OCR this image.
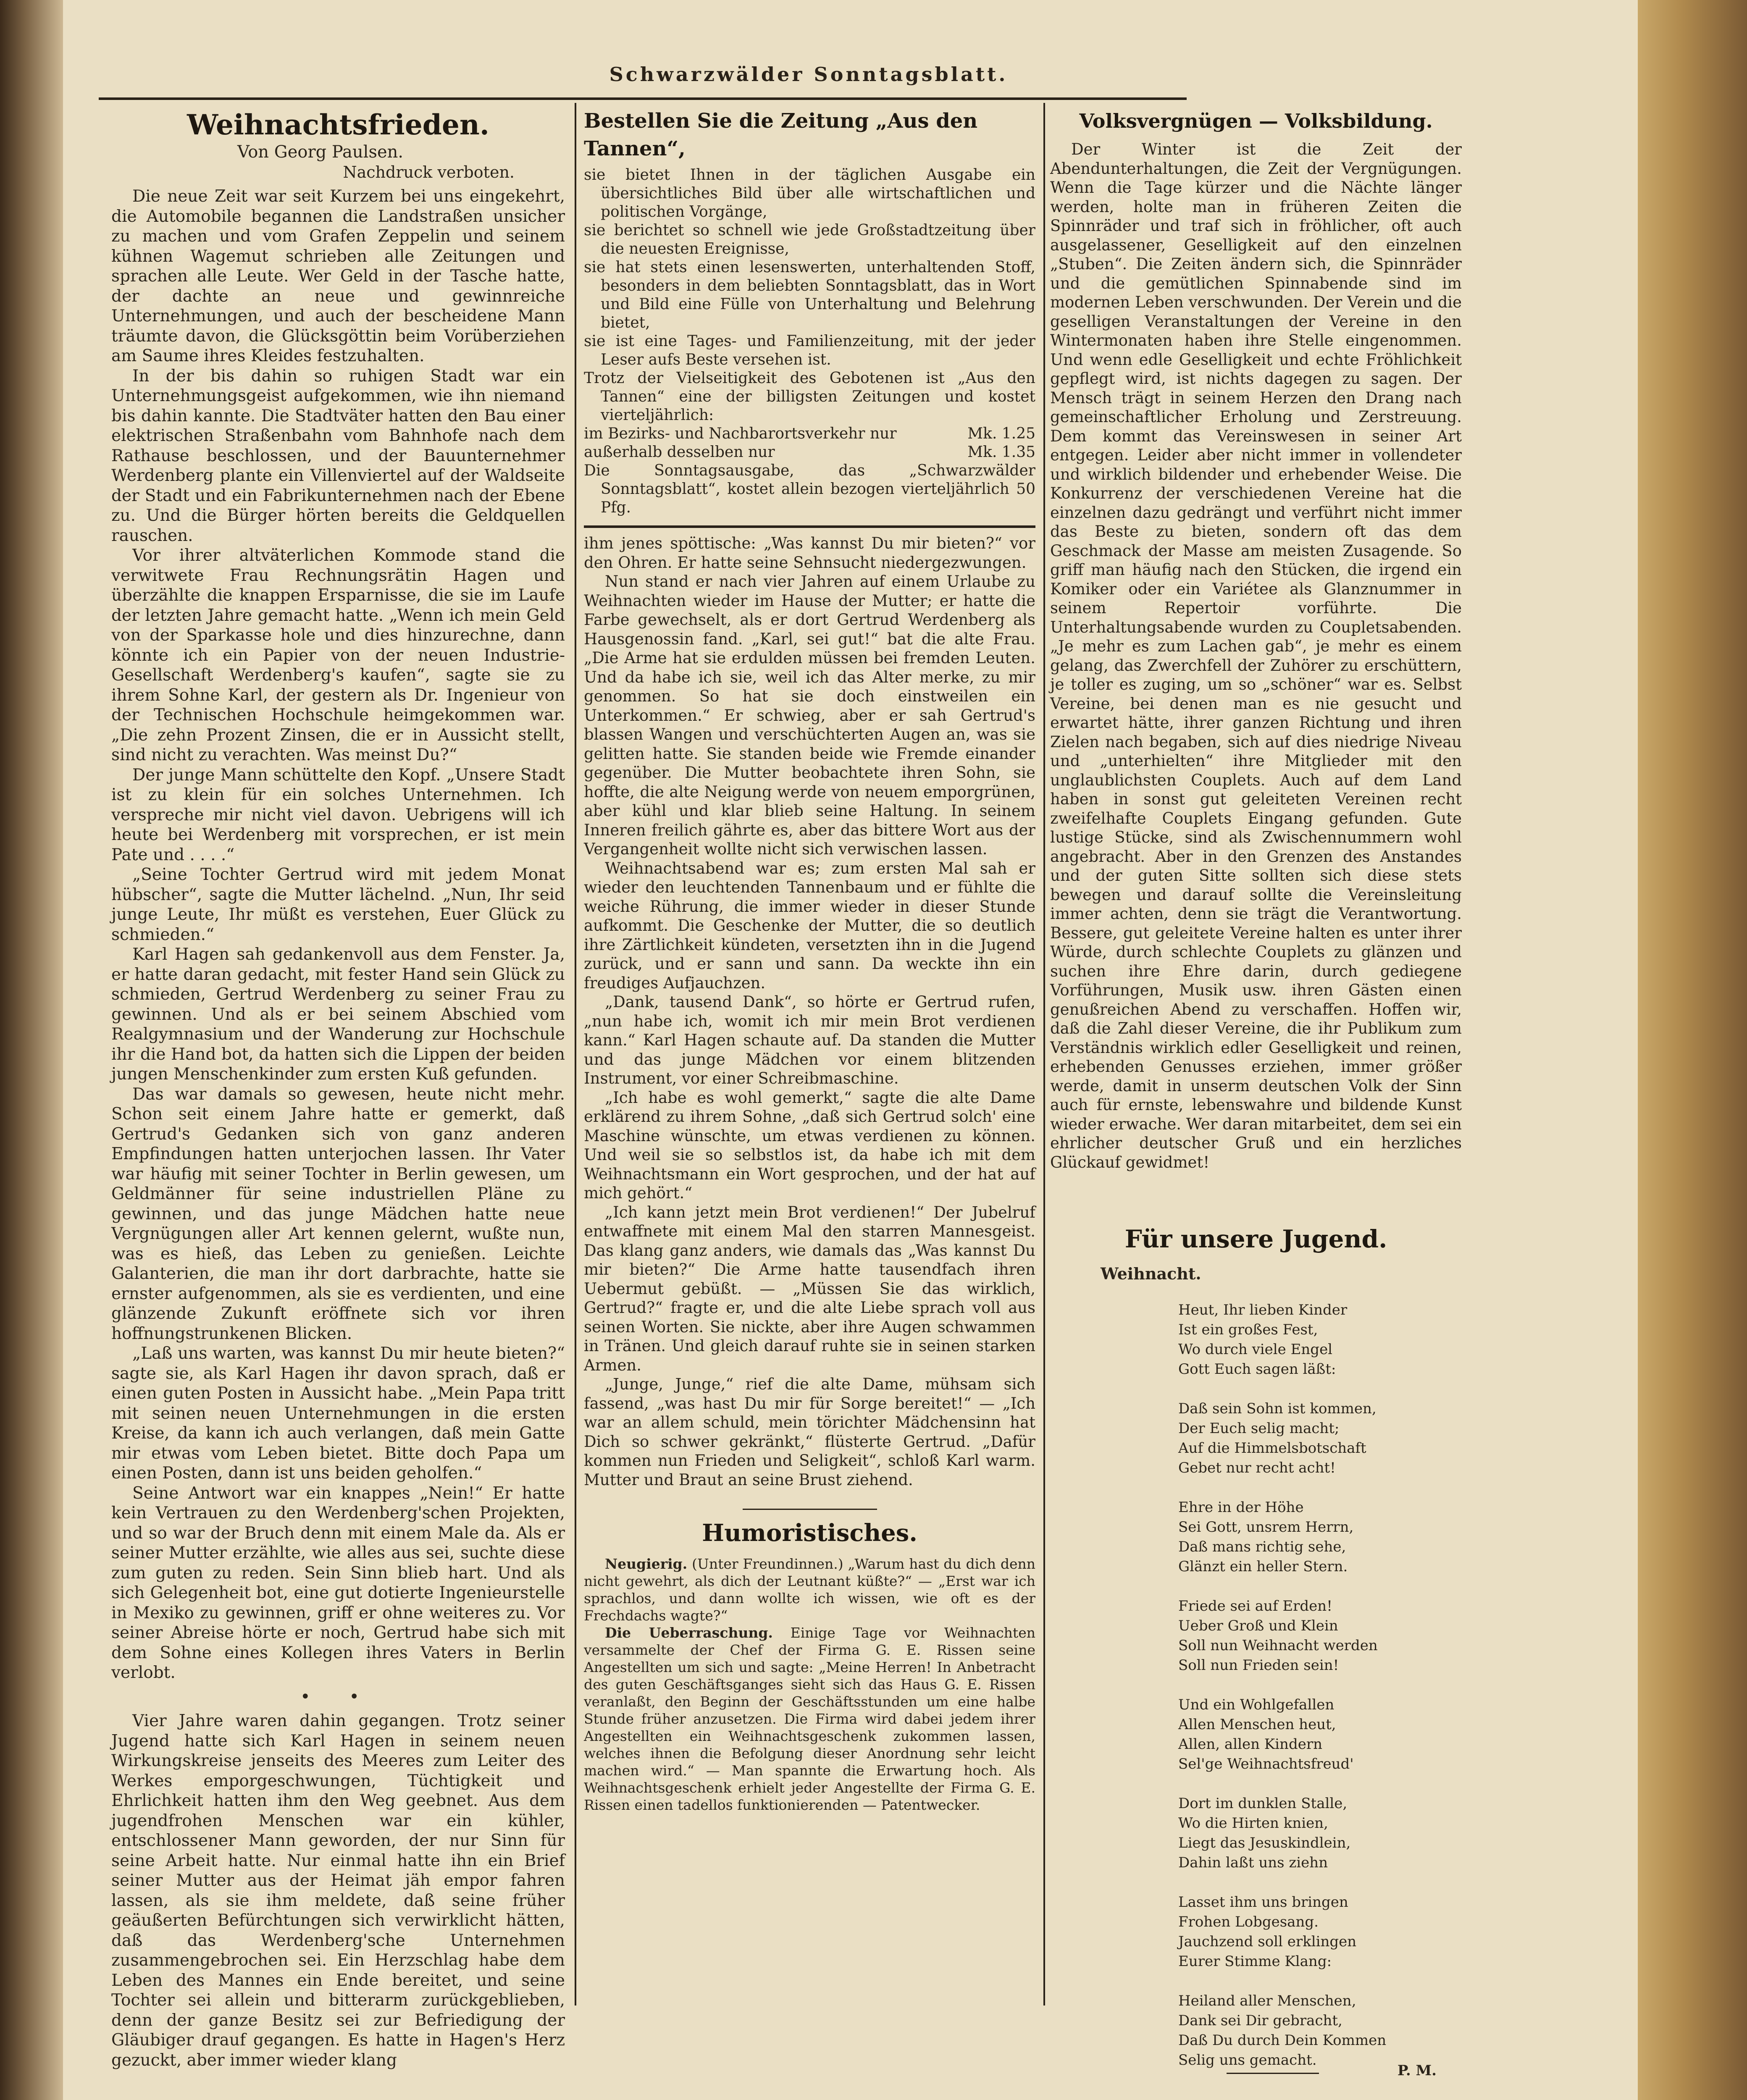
Schwarzwälder Sonntagsblatt.
Weihnachtsfrieden.
Von Georg Paulsen.
Nachdruck verboten.

Die neue Zeit war seit Kurzem bei uns eingekehrt, die Automobile begannen die Landstraßen unsicher zu machen und vom Grafen Zeppelin und seinem kühnen Wagemut schrieben alle Zeitungen und sprachen alle Leute. Wer Geld in der Tasche hatte, der dachte an neue und gewinnreiche Unternehmungen, und auch der bescheidene Mann träumte davon, die Glücksgöttin beim Vorüberziehen am Saume ihres Kleides festzuhalten.

In der bis dahin so ruhigen Stadt war ein Unternehmungsgeist aufgekommen, wie ihn niemand bis dahin kannte. Die Stadtväter hatten den Bau einer elektrischen Straßenbahn vom Bahnhofe nach dem Rathause beschlossen, und der Bauunternehmer Werdenberg plante ein Villenviertel auf der Waldseite der Stadt und ein Fabrikunternehmen nach der Ebene zu. Und die Bürger hörten bereits die Geldquellen rauschen.

Vor ihrer altväterlichen Kommode stand die verwitwete Frau Rechnungsrätin Hagen und überzählte die knappen Ersparnisse, die sie im Laufe der letzten Jahre gemacht hatte. „Wenn ich mein Geld von der Sparkasse hole und dies hinzurechne, dann könnte ich ein Papier von der neuen Industrie-Gesellschaft Werdenberg's kaufen“, sagte sie zu ihrem Sohne Karl, der gestern als Dr. Ingenieur von der Technischen Hochschule heimgekommen war. „Die zehn Prozent Zinsen, die er in Aussicht stellt, sind nicht zu verachten. Was meinst Du?“

Der junge Mann schüttelte den Kopf. „Unsere Stadt ist zu klein für ein solches Unternehmen. Ich verspreche mir nicht viel davon. Uebrigens will ich heute bei Werdenberg mit vorsprechen, er ist mein Pate und . . . .“

„Seine Tochter Gertrud wird mit jedem Monat hübscher“, sagte die Mutter lächelnd. „Nun, Ihr seid junge Leute, Ihr müßt es verstehen, Euer Glück zu schmieden.“

Karl Hagen sah gedankenvoll aus dem Fenster. Ja, er hatte daran gedacht, mit fester Hand sein Glück zu schmieden, Gertrud Werdenberg zu seiner Frau zu gewinnen. Und als er bei seinem Abschied vom Realgymnasium und der Wanderung zur Hochschule ihr die Hand bot, da hatten sich die Lippen der beiden jungen Menschenkinder zum ersten Kuß gefunden.

Das war damals so gewesen, heute nicht mehr. Schon seit einem Jahre hatte er gemerkt, daß Gertrud's Gedanken sich von ganz anderen Empfindungen hatten unterjochen lassen. Ihr Vater war häufig mit seiner Tochter in Berlin gewesen, um Geldmänner für seine industriellen Pläne zu gewinnen, und das junge Mädchen hatte neue Vergnügungen aller Art kennen gelernt, wußte nun, was es hieß, das Leben zu genießen. Leichte Galanterien, die man ihr dort darbrachte, hatte sie ernster aufgenommen, als sie es verdienten, und eine glänzende Zukunft eröffnete sich vor ihren hoffnungstrunkenen Blicken.

„Laß uns warten, was kannst Du mir heute bieten?“ sagte sie, als Karl Hagen ihr davon sprach, daß er einen guten Posten in Aussicht habe. „Mein Papa tritt mit seinen neuen Unternehmungen in die ersten Kreise, da kann ich auch verlangen, daß mein Gatte mir etwas vom Leben bietet. Bitte doch Papa um einen Posten, dann ist uns beiden geholfen.“

Seine Antwort war ein knappes „Nein!“ Er hatte kein Vertrauen zu den Werdenberg'schen Projekten, und so war der Bruch denn mit einem Male da. Als er seiner Mutter erzählte, wie alles aus sei, suchte diese zum guten zu reden. Sein Sinn blieb hart. Und als sich Gelegenheit bot, eine gut dotierte Ingenieurstelle in Mexiko zu gewinnen, griff er ohne weiteres zu. Vor seiner Abreise hörte er noch, Gertrud habe sich mit dem Sohne eines Kollegen ihres Vaters in Berlin verlobt.

• •

Vier Jahre waren dahin gegangen. Trotz seiner Jugend hatte sich Karl Hagen in seinem neuen Wirkungskreise jenseits des Meeres zum Leiter des Werkes emporgeschwungen, Tüchtigkeit und Ehrlichkeit hatten ihm den Weg geebnet. Aus dem jugendfrohen Menschen war ein kühler, entschlossener Mann geworden, der nur Sinn für seine Arbeit hatte. Nur einmal hatte ihn ein Brief seiner Mutter aus der Heimat jäh empor fahren lassen, als sie ihm meldete, daß seine früher geäußerten Befürchtungen sich verwirklicht hätten, daß das Werdenberg'sche Unternehmen zusammengebrochen sei. Ein Herzschlag habe dem Leben des Mannes ein Ende bereitet, und seine Tochter sei allein und bitterarm zurückgeblieben, denn der ganze Besitz sei zur Befriedigung der Gläubiger drauf gegangen. Es hatte in Hagen's Herz gezuckt, aber immer wieder klang

Bestellen Sie die Zeitung „Aus den Tannen“,

sie bietet Ihnen in der täglichen Ausgabe ein übersichtliches Bild über alle wirtschaftlichen und politischen Vorgänge,

sie berichtet so schnell wie jede Großstadtzeitung über die neuesten Ereignisse,

sie hat stets einen lesenswerten, unterhaltenden Stoff, besonders in dem beliebten Sonntagsblatt, das in Wort und Bild eine Fülle von Unterhaltung und Belehrung bietet,

sie ist eine Tages- und Familienzeitung, mit der jeder Leser aufs Beste versehen ist.

Trotz der Vielseitigkeit des Gebotenen ist „Aus den Tannen“ eine der billigsten Zeitungen und kostet vierteljährlich:

im Bezirks- und Nachbarortsverkehr nur	Mk. 1.25
außerhalb desselben nur	Mk. 1.35

Die Sonntagsausgabe, das „Schwarzwälder Sonntagsblatt“, kostet allein bezogen vierteljährlich 50 Pfg.

ihm jenes spöttische: „Was kannst Du mir bieten?“ vor den Ohren. Er hatte seine Sehnsucht niedergezwungen.

Nun stand er nach vier Jahren auf einem Urlaube zu Weihnachten wieder im Hause der Mutter; er hatte die Farbe gewechselt, als er dort Gertrud Werdenberg als Hausgenossin fand. „Karl, sei gut!“ bat die alte Frau. „Die Arme hat sie erdulden müssen bei fremden Leuten. Und da habe ich sie, weil ich das Alter merke, zu mir genommen. So hat sie doch einstweilen ein Unterkommen.“ Er schwieg, aber er sah Gertrud's blassen Wangen und verschüchterten Augen an, was sie gelitten hatte. Sie standen beide wie Fremde einander gegenüber. Die Mutter beobachtete ihren Sohn, sie hoffte, die alte Neigung werde von neuem emporgrünen, aber kühl und klar blieb seine Haltung. In seinem Inneren freilich gährte es, aber das bittere Wort aus der Vergangenheit wollte nicht sich verwischen lassen.

Weihnachtsabend war es; zum ersten Mal sah er wieder den leuchtenden Tannenbaum und er fühlte die weiche Rührung, die immer wieder in dieser Stunde aufkommt. Die Geschenke der Mutter, die so deutlich ihre Zärtlichkeit kündeten, versetzten ihn in die Jugend zurück, und er sann und sann. Da weckte ihn ein freudiges Aufjauchzen.

„Dank, tausend Dank“, so hörte er Gertrud rufen, „nun habe ich, womit ich mir mein Brot verdienen kann.“ Karl Hagen schaute auf. Da standen die Mutter und das junge Mädchen vor einem blitzenden Instrument, vor einer Schreibmaschine.

„Ich habe es wohl gemerkt,“ sagte die alte Dame erklärend zu ihrem Sohne, „daß sich Gertrud solch' eine Maschine wünschte, um etwas verdienen zu können. Und weil sie so selbstlos ist, da habe ich mit dem Weihnachtsmann ein Wort gesprochen, und der hat auf mich gehört.“

„Ich kann jetzt mein Brot verdienen!“ Der Jubelruf entwaffnete mit einem Mal den starren Mannesgeist. Das klang ganz anders, wie damals das „Was kannst Du mir bieten?“ Die Arme hatte tausendfach ihren Uebermut gebüßt. — „Müssen Sie das wirklich, Gertrud?“ fragte er, und die alte Liebe sprach voll aus seinen Worten. Sie nickte, aber ihre Augen schwammen in Tränen. Und gleich darauf ruhte sie in seinen starken Armen.

„Junge, Junge,“ rief die alte Dame, mühsam sich fassend, „was hast Du mir für Sorge bereitet!“ — „Ich war an allem schuld, mein törichter Mädchensinn hat Dich so schwer gekränkt,“ flüsterte Gertrud. „Dafür kommen nun Frieden und Seligkeit“, schloß Karl warm. Mutter und Braut an seine Brust ziehend.

Humoristisches.

Neugierig. (Unter Freundinnen.) „Warum hast du dich denn nicht gewehrt, als dich der Leutnant küßte?“ — „Erst war ich sprachlos, und dann wollte ich wissen, wie oft es der Frechdachs wagte?“

Die Ueberraschung. Einige Tage vor Weihnachten versammelte der Chef der Firma G. E. Rissen seine Angestellten um sich und sagte: „Meine Herren! In Anbetracht des guten Geschäftsganges sieht sich das Haus G. E. Rissen veranlaßt, den Beginn der Geschäftsstunden um eine halbe Stunde früher anzusetzen. Die Firma wird dabei jedem ihrer Angestellten ein Weihnachtsgeschenk zukommen lassen, welches ihnen die Befolgung dieser Anordnung sehr leicht machen wird.“ — Man spannte die Erwartung hoch. Als Weihnachtsgeschenk erhielt jeder Angestellte der Firma G. E. Rissen einen tadellos funktionierenden — Patentwecker.

Volksvergnügen — Volksbildung.

Der Winter ist die Zeit der Abendunterhaltungen, die Zeit der Vergnügungen. Wenn die Tage kürzer und die Nächte länger werden, holte man in früheren Zeiten die Spinnräder und traf sich in fröhlicher, oft auch ausgelassener, Geselligkeit auf den einzelnen „Stuben“. Die Zeiten ändern sich, die Spinnräder und die gemütlichen Spinnabende sind im modernen Leben verschwunden. Der Verein und die geselligen Veranstaltungen der Vereine in den Wintermonaten haben ihre Stelle eingenommen. Und wenn edle Geselligkeit und echte Fröhlichkeit gepflegt wird, ist nichts dagegen zu sagen. Der Mensch trägt in seinem Herzen den Drang nach gemeinschaftlicher Erholung und Zerstreuung. Dem kommt das Vereinswesen in seiner Art entgegen. Leider aber nicht immer in vollendeter und wirklich bildender und erhebender Weise. Die Konkurrenz der verschiedenen Vereine hat die einzelnen dazu gedrängt und verführt nicht immer das Beste zu bieten, sondern oft das dem Geschmack der Masse am meisten Zusagende. So griff man häufig nach den Stücken, die irgend ein Komiker oder ein Variétee als Glanznummer in seinem Repertoir vorführte. Die Unterhaltungsabende wurden zu Coupletsabenden. „Je mehr es zum Lachen gab“, je mehr es einem gelang, das Zwerchfell der Zuhörer zu erschüttern, je toller es zuging, um so „schöner“ war es. Selbst Vereine, bei denen man es nie gesucht und erwartet hätte, ihrer ganzen Richtung und ihren Zielen nach begaben, sich auf dies niedrige Niveau und „unterhielten“ ihre Mitglieder mit den unglaublichsten Couplets. Auch auf dem Land haben in sonst gut geleiteten Vereinen recht zweifelhafte Couplets Eingang gefunden. Gute lustige Stücke, sind als Zwischennummern wohl angebracht. Aber in den Grenzen des Anstandes und der guten Sitte sollten sich diese stets bewegen und darauf sollte die Vereinsleitung immer achten, denn sie trägt die Verantwortung. Bessere, gut geleitete Vereine halten es unter ihrer Würde, durch schlechte Couplets zu glänzen und suchen ihre Ehre darin, durch gediegene Vorführungen, Musik usw. ihren Gästen einen genußreichen Abend zu verschaffen. Hoffen wir, daß die Zahl dieser Vereine, die ihr Publikum zum Verständnis wirklich edler Geselligkeit und reinen, erhebenden Genusses erziehen, immer größer werde, damit in unserm deutschen Volk der Sinn auch für ernste, lebenswahre und bildende Kunst wieder erwache. Wer daran mitarbeitet, dem sei ein ehrlicher deutscher Gruß und ein herzliches Glückauf gewidmet!

Für unsere Jugend.
Weihnacht.
Heut, Ihr lieben Kinder
Ist ein großes Fest,
Wo durch viele Engel
Gott Euch sagen läßt:
Daß sein Sohn ist kommen,
Der Euch selig macht;
Auf die Himmelsbotschaft
Gebet nur recht acht!
Ehre in der Höhe
Sei Gott, unsrem Herrn,
Daß mans richtig sehe,
Glänzt ein heller Stern.
Friede sei auf Erden!
Ueber Groß und Klein
Soll nun Weihnacht werden
Soll nun Frieden sein!
Und ein Wohlgefallen
Allen Menschen heut,
Allen, allen Kindern
Sel'ge Weihnachtsfreud'
Dort im dunklen Stalle,
Wo die Hirten knien,
Liegt das Jesuskindlein,
Dahin laßt uns ziehn
Lasset ihm uns bringen
Frohen Lobgesang.
Jauchzend soll erklingen
Eurer Stimme Klang:
Heiland aller Menschen,
Dank sei Dir gebracht,
Daß Du durch Dein Kommen
Selig uns gemacht.
P. M.
